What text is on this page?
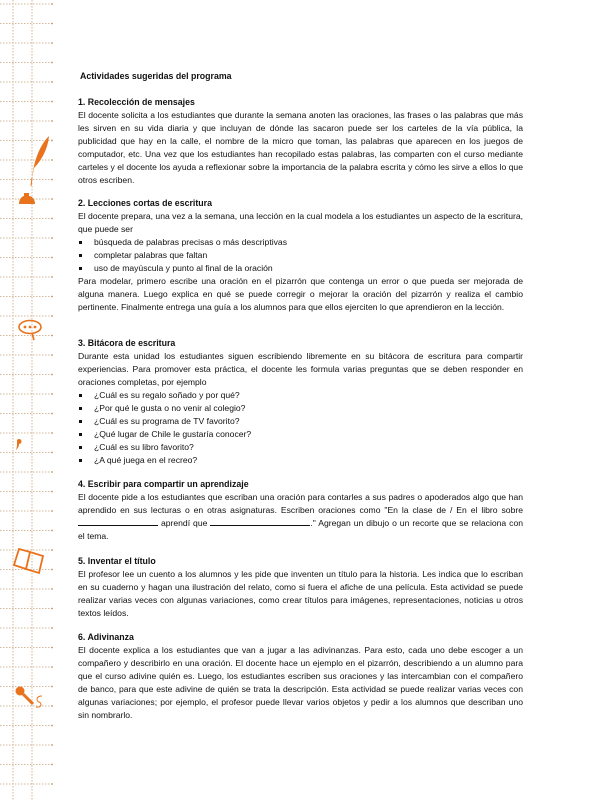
Actividades sugeridas del programa
1. Recolección de mensajes

El docente solicita a los estudiantes que durante la semana anoten las oraciones, las frases o las palabras que más les sirven en su vida diaria y que incluyan de dónde las sacaron puede ser los carteles de la vía pública, la publicidad que hay en la calle, el nombre de la micro que toman, las palabras que aparecen en los juegos de computador, etc. Una vez que los estudiantes han recopilado estas palabras, las comparten con el curso mediante carteles y el docente los ayuda a reflexionar sobre la importancia de la palabra escrita y cómo les sirve a ellos lo que otros escriben.

2. Lecciones cortas de escritura

El docente prepara, una vez a la semana, una lección en la cual modela a los estudiantes un aspecto de la escritura, que puede ser

búsqueda de palabras precisas o más descriptivas
completar palabras que faltan
uso de mayúscula y punto al final de la oración

Para modelar, primero escribe una oración en el pizarrón que contenga un error o que pueda ser mejorada de alguna manera. Luego explica en qué se puede corregir o mejorar la oración del pizarrón y realiza el cambio pertinente. Finalmente entrega una guía a los alumnos para que ellos ejerciten lo que aprendieron en la lección.

3. Bitácora de escritura

Durante esta unidad los estudiantes siguen escribiendo libremente en su bitácora de escritura para compartir experiencias. Para promover esta práctica, el docente les formula varias preguntas que se deben responder en oraciones completas, por ejemplo

¿Cuál es su regalo soñado y por qué?
¿Por qué le gusta o no venir al colegio?
¿Cuál es su programa de TV favorito?
¿Qué lugar de Chile le gustaría conocer?
¿Cuál es su libro favorito?
¿A qué juega en el recreo?
4. Escribir para compartir un aprendizaje

El docente pide a los estudiantes que escriban una oración para contarles a sus padres o apoderados algo que han aprendido en sus lecturas o en otras asignaturas. Escriben oraciones como "En la clase de / En el libro sobre  aprendí que	." Agregan un dibujo o un recorte que se relaciona con el tema.

5. Inventar el título

El profesor lee un cuento a los alumnos y les pide que inventen un título para la historia. Les indica que lo escriban en su cuaderno y hagan una ilustración del relato, como si fuera el afiche de una película. Esta actividad se puede realizar varias veces con algunas variaciones, como crear títulos para imágenes, representaciones, noticias u otros textos leídos.

6. Adivinanza

El docente explica a los estudiantes que van a jugar a las adivinanzas. Para esto, cada uno debe escoger a un compañero y describirlo en una oración. El docente hace un ejemplo en el pizarrón, describiendo a un alumno para que el curso adivine quién es. Luego, los estudiantes escriben sus oraciones y las intercambian con el compañero de banco, para que este adivine de quién se trata la descripción. Esta actividad se puede realizar varias veces con algunas variaciones; por ejemplo, el profesor puede llevar varios objetos y pedir a los alumnos que describan uno sin nombrarlo.
